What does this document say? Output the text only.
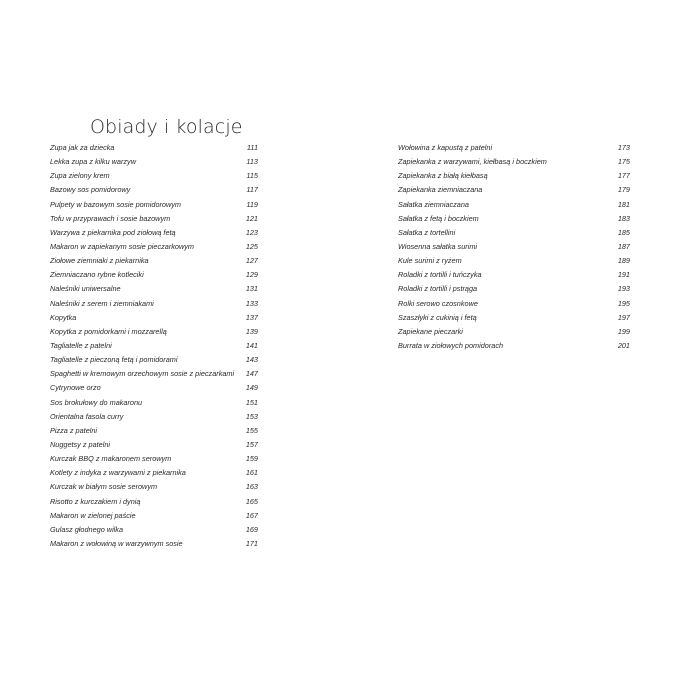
Obiady i kolacje
Zupa jak za dziecka	111
Lekka zupa z kilku warzyw	113
Zupa zielony krem	115
Bazowy sos pomidorowy	117
Pulpety w bazowym sosie pomidorowym	119
Tofu w przyprawach i sosie bazowym	121
Warzywa z piekarnika pod ziołową fetą	123
Makaron w zapiekanym sosie pieczarkowym	125
Ziołowe ziemniaki z piekarnika	127
Ziemniaczano rybne kotleciki	129
Naleśniki uniwersalne	131
Naleśniki z serem i ziemniakami	133
Kopytka	137
Kopytka z pomidorkami i mozzarellą	139
Tagliatelle z patelni	141
Tagliatelle z pieczoną fetą i pomidorami	143
Spaghetti w kremowym orzechowym sosie z pieczarkami 147
Cytrynowe orzo	149
Sos brokułowy do makaronu	151
Orientalna fasola curry	153
Pizza z patelni	155
Nuggetsy z patelni	157
Kurczak BBQ z makaronem serowym	159
Kotlety z indyka z warzywami z piekarnika	161
Kurczak w białym sosie serowym	163
Risotto z kurczakiem i dynią	165
Makaron w zielonej paście	167
Gulasz głodnego wilka	169
Makaron z wołowiną w warzywnym sosie	171
Wołowina z kapustą z patelni	173
Zapiekanka z warzywami, kiełbasą i boczkiem	175
Zapiekanka z białą kiełbasą	177
Zapiekanka ziemniaczana	179
Sałatka ziemniaczana	181
Sałatka z fetą i boczkiem	183
Sałatka z tortellini	185
Wiosenna sałatka surimi	187
Kule surimi z ryżem	189
Roladki z tortilli i tuńczyka	191
Roladki z tortilli i pstrąga	193
Rolki serowo czosnkowe	195
Szaszłyki z cukinią i fetą	197
Zapiekane pieczarki	199
Burrata w ziołowych pomidorach	201
